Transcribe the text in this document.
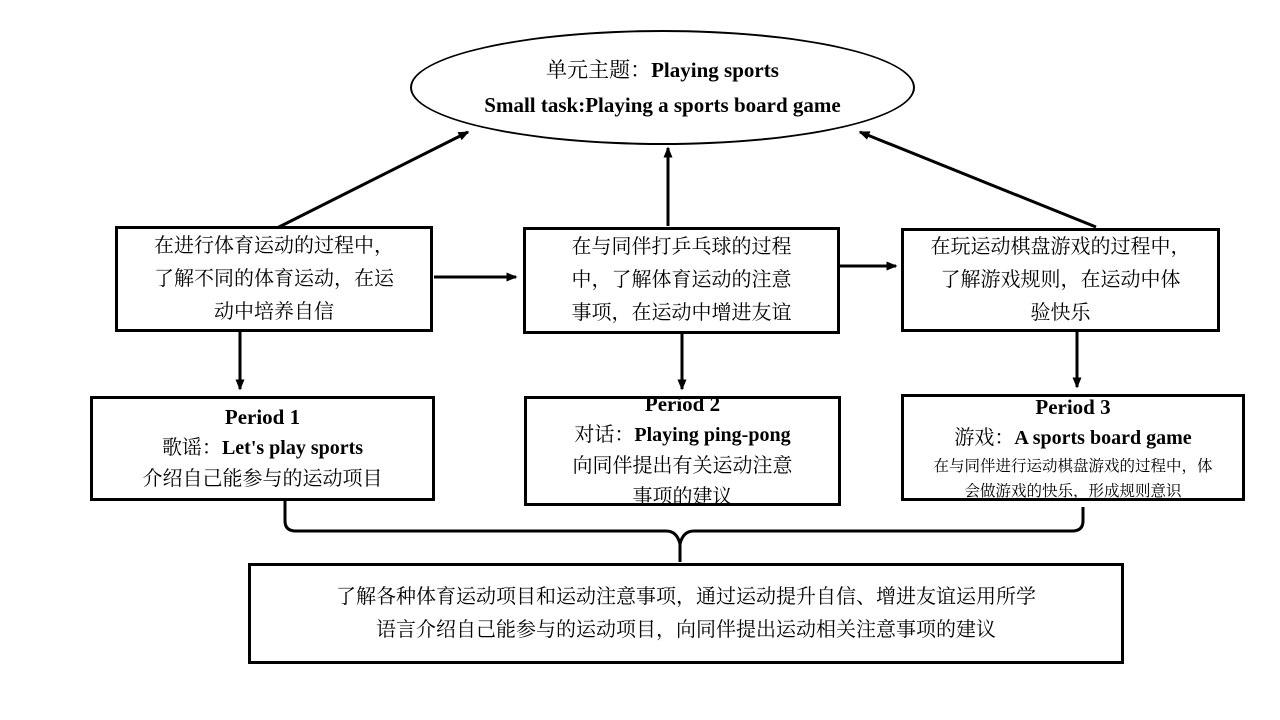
单元主题：Playing sports
Small task:Playing a sports board game
在进行体育运动的过程中，
了解不同的体育运动，在运
动中培养自信
在与同伴打乒乓球的过程
中，了解体育运动的注意
事项，在运动中增进友谊
在玩运动棋盘游戏的过程中，
了解游戏规则，在运动中体
验快乐
Period 1
歌谣：Let's play sports
介绍自己能参与的运动项目
Period 2
对话：Playing ping-pong
向同伴提出有关运动注意
事项的建议
Period 3
游戏：A sports board game
在与同伴进行运动棋盘游戏的过程中，体
会做游戏的快乐，形成规则意识
了解各种体育运动项目和运动注意事项，通过运动提升自信、增进友谊运用所学
语言介绍自己能参与的运动项目，向同伴提出运动相关注意事项的建议
